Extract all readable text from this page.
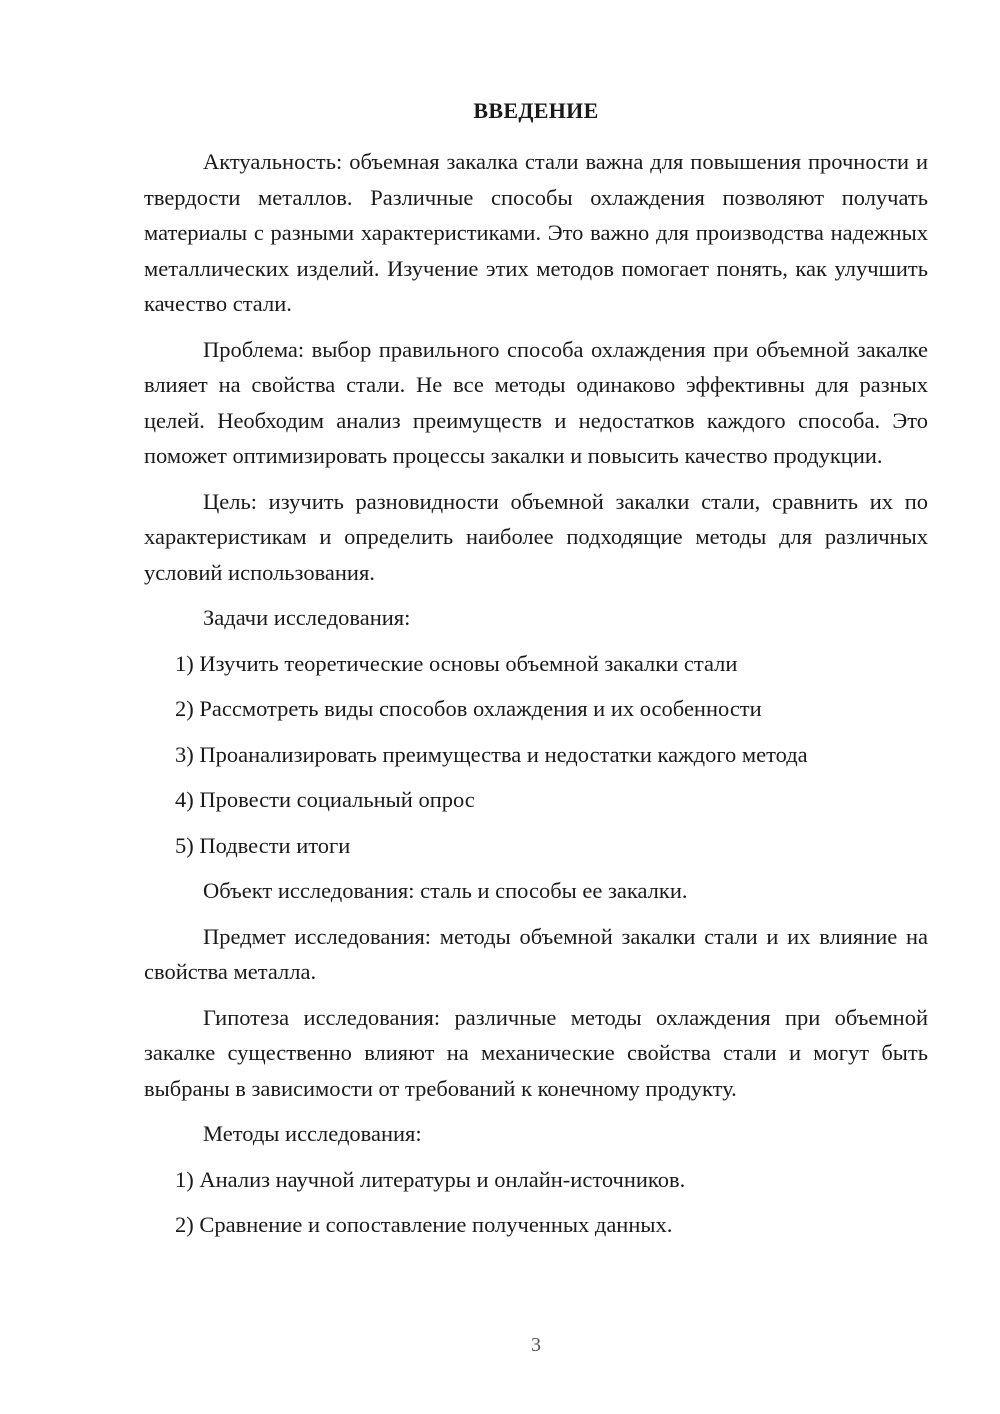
ВВЕДЕНИЕ

Актуальность: объемная закалка стали важна для повышения прочности и твердости металлов. Различные способы охлаждения позволяют получать материалы с разными характеристиками. Это важно для производства надежных металлических изделий. Изучение этих методов помогает понять, как улучшить качество стали.

Проблема: выбор правильного способа охлаждения при объемной закалке влияет на свойства стали. Не все методы одинаково эффективны для разных целей. Необходим анализ преимуществ и недостатков каждого способа. Это поможет оптимизировать процессы закалки и повысить качество продукции.

Цель: изучить разновидности объемной закалки стали, сравнить их по характеристикам и определить наиболее подходящие методы для различных условий использования.

Задачи исследования:

1) Изучить теоретические основы объемной закалки стали
2) Рассмотреть виды способов охлаждения и их особенности
3) Проанализировать преимущества и недостатки каждого метода
4) Провести социальный опрос
5) Подвести итоги

Объект исследования: сталь и способы ее закалки.

Предмет исследования: методы объемной закалки стали и их влияние на свойства металла.

Гипотеза исследования: различные методы охлаждения при объемной закалке существенно влияют на механические свойства стали и могут быть выбраны в зависимости от требований к конечному продукту.

Методы исследования:

1) Анализ научной литературы и онлайн-источников.
2) Сравнение и сопоставление полученных данных.
3
